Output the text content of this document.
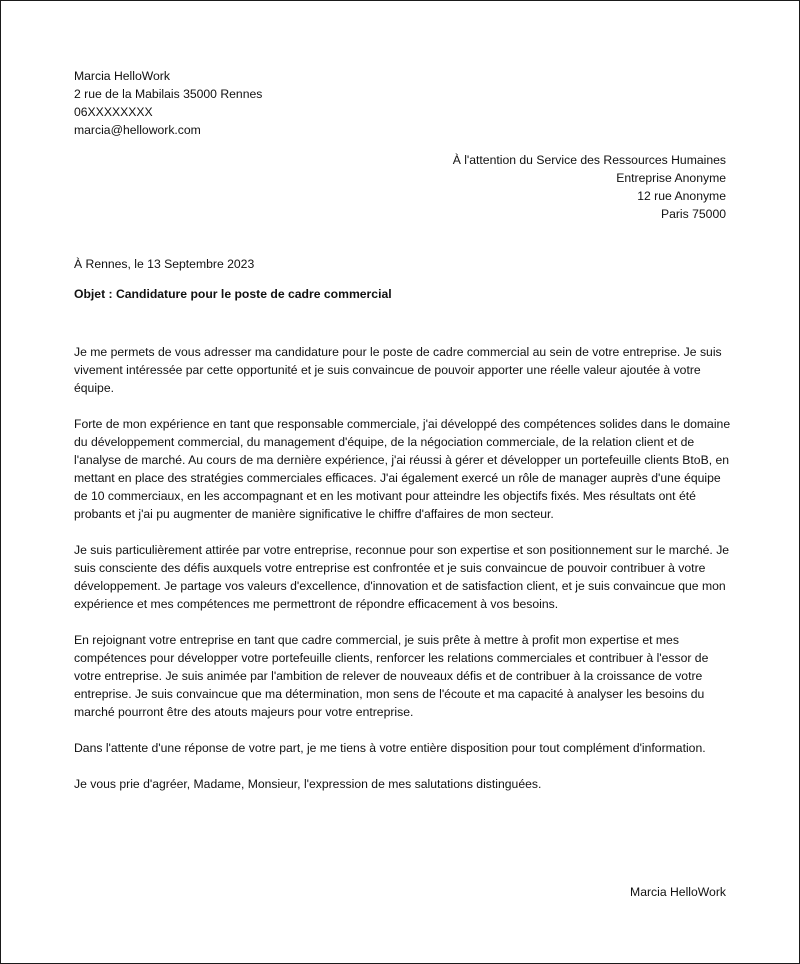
Marcia HelloWork
2 rue de la Mabilais 35000 Rennes
06XXXXXXXX
marcia@hellowork.com
À l'attention du Service des Ressources Humaines
Entreprise Anonyme
12 rue Anonyme
Paris 75000
À Rennes, le 13 Septembre 2023
Objet : Candidature pour le poste de cadre commercial

Je me permets de vous adresser ma candidature pour le poste de cadre commercial au sein de votre entreprise. Je suis vivement intéressée par cette opportunité et je suis convaincue de pouvoir apporter une réelle valeur ajoutée à votre équipe.

Forte de mon expérience en tant que responsable commerciale, j'ai développé des compétences solides dans le domaine du développement commercial, du management d'équipe, de la négociation commerciale, de la relation client et de l'analyse de marché. Au cours de ma dernière expérience, j'ai réussi à gérer et développer un portefeuille clients BtoB, en mettant en place des stratégies commerciales efficaces. J'ai également exercé un rôle de manager auprès d'une équipe de 10 commerciaux, en les accompagnant et en les motivant pour atteindre les objectifs fixés. Mes résultats ont été probants et j'ai pu augmenter de manière significative le chiffre d'affaires de mon secteur.

Je suis particulièrement attirée par votre entreprise, reconnue pour son expertise et son positionnement sur le marché. Je suis consciente des défis auxquels votre entreprise est confrontée et je suis convaincue de pouvoir contribuer à votre développement. Je partage vos valeurs d'excellence, d'innovation et de satisfaction client, et je suis convaincue que mon expérience et mes compétences me permettront de répondre efficacement à vos besoins.

En rejoignant votre entreprise en tant que cadre commercial, je suis prête à mettre à profit mon expertise et mes compétences pour développer votre portefeuille clients, renforcer les relations commerciales et contribuer à l'essor de votre entreprise. Je suis animée par l'ambition de relever de nouveaux défis et de contribuer à la croissance de votre entreprise. Je suis convaincue que ma détermination, mon sens de l'écoute et ma capacité à analyser les besoins du marché pourront être des atouts majeurs pour votre entreprise.

Dans l'attente d'une réponse de votre part, je me tiens à votre entière disposition pour tout complément d'information.

Je vous prie d'agréer, Madame, Monsieur, l'expression de mes salutations distinguées.

Marcia HelloWork
